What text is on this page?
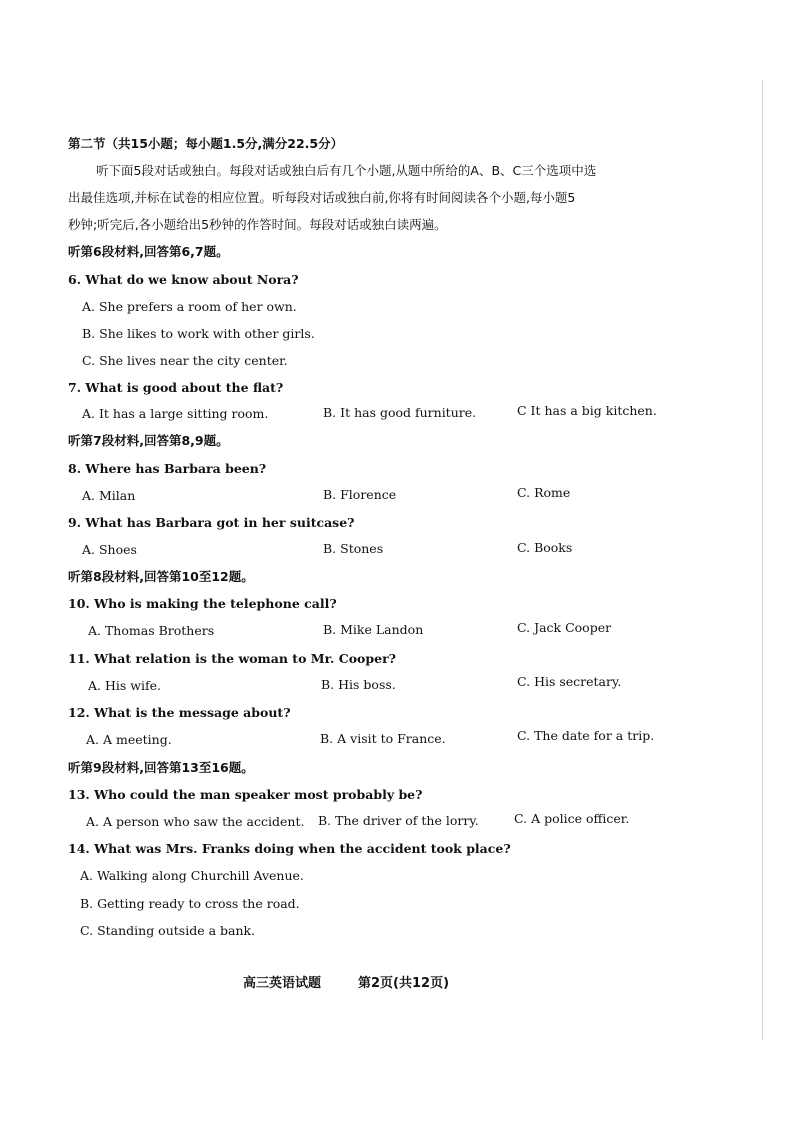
第二节（共15小题；每小题1.5分,满分22.5分）
听下面5段对话或独白。每段对话或独白后有几个小题,从题中所给的A、B、C三个选项中选
出最佳选项,并标在试卷的相应位置。听每段对话或独白前,你将有时间阅读各个小题,每小题5
秒钟;听完后,各小题给出5秒钟的作答时间。每段对话或独白读两遍。
听第6段材料,回答第6,7题。
6. What do we know about Nora?
A. She prefers a room of her own.
B. She likes to work with other girls.
C. She lives near the city center.
7. What is good about the flat?
A. It has a large sitting room.	B. It has good furniture.	C It has a big kitchen.
听第7段材料,回答第8,9题。
8. Where has Barbara been?
A. Milan	B. Florence	C. Rome
9. What has Barbara got in her suitcase?
A. Shoes	B. Stones	C. Books
听第8段材料,回答第10至12题。
10. Who is making the telephone call?
A. Thomas Brothers	B. Mike Landon	C. Jack Cooper
11. What relation is the woman to Mr. Cooper?
A. His wife.	B. His boss.	C. His secretary.
12. What is the message about?
A. A meeting.	B. A visit to France.	C. The date for a trip.
听第9段材料,回答第13至16题。
13. Who could the man speaker most probably be?
A. A person who saw the accident. B. The driver of the lorry.	C. A police officer.
14. What was Mrs. Franks doing when the accident took place?
A. Walking along Churchill Avenue.
B. Getting ready to cross the road.
C. Standing outside a bank.
高三英语试题	第2页(共12页)
